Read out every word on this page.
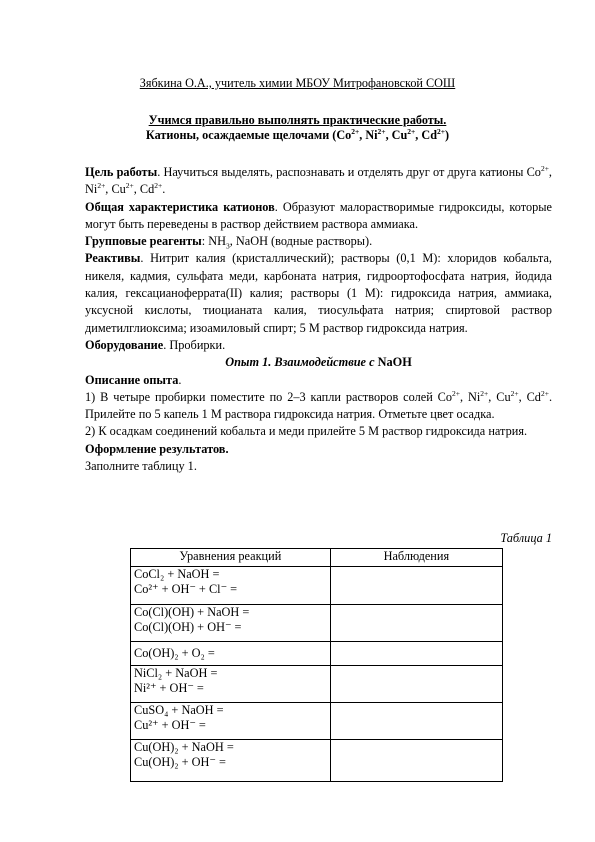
Зябкина О.А., учитель химии МБОУ Митрофановской СОШ
Учимся правильно выполнять практические работы.
Катионы, осаждаемые щелочами ($Co^{2+}$, $Ni^{2+}$, $Cu^{2+}$, $Cd^{2+}$)

Цель работы. Научиться выделять, распознавать и отделять друг от друга катионы $Co^{2+}$, $Ni^{2+}$, $Cu^{2+}$, $Cd^{2+}$.

Общая характеристика катионов. Образуют малорастворимые гидроксиды, которые могут быть переведены в раствор действием раствора аммиака.

Групповые реагенты: $NH_3$, NaOH (водные растворы).

Реактивы. Нитрит калия (кристаллический); растворы (0,1 М): хлоридов кобальта, никеля, кадмия, сульфата меди, карбоната натрия, гидроортофосфата натрия, йодида калия, гексацианоферрата(II) калия; растворы (1 М): гидроксида натрия, аммиака, уксусной кислоты, тиоцианата калия, тиосульфата натрия; спиртовой раствор диметилглиоксима; изоамиловый спирт; 5 М раствор гидроксида натрия.

Оборудование. Пробирки.

Опыт 1. Взаимодействие с NaOH

Описание опыта.

1) В четыре пробирки поместите по 2–3 капли растворов солей $Co^{2+}$, $Ni^{2+}$, $Cu^{2+}$, $Cd^{2+}$. Прилейте по 5 капель 1 М раствора гидроксида натрия. Отметьте цвет осадка.

2) К осадкам соединений кобальта и меди прилейте 5 М раствор гидроксида натрия.

Оформление результатов.

Заполните таблицу 1.

Таблица 1
Уравнения реакций	Наблюдения

CoCl₂ + NaOH =
Co²⁺ + OH⁻ + Cl⁻ =	

Co(Cl)(OH) + NaOH =
Co(Cl)(OH) + OH⁻ =	

Co(OH)₂ + O₂ =	

NiCl₂ + NaOH =
Ni²⁺ + OH⁻ =	

CuSO₄ + NaOH =
Cu²⁺ + OH⁻ =	

Cu(OH)₂ + NaOH =
Cu(OH)₂ + OH⁻ =	
